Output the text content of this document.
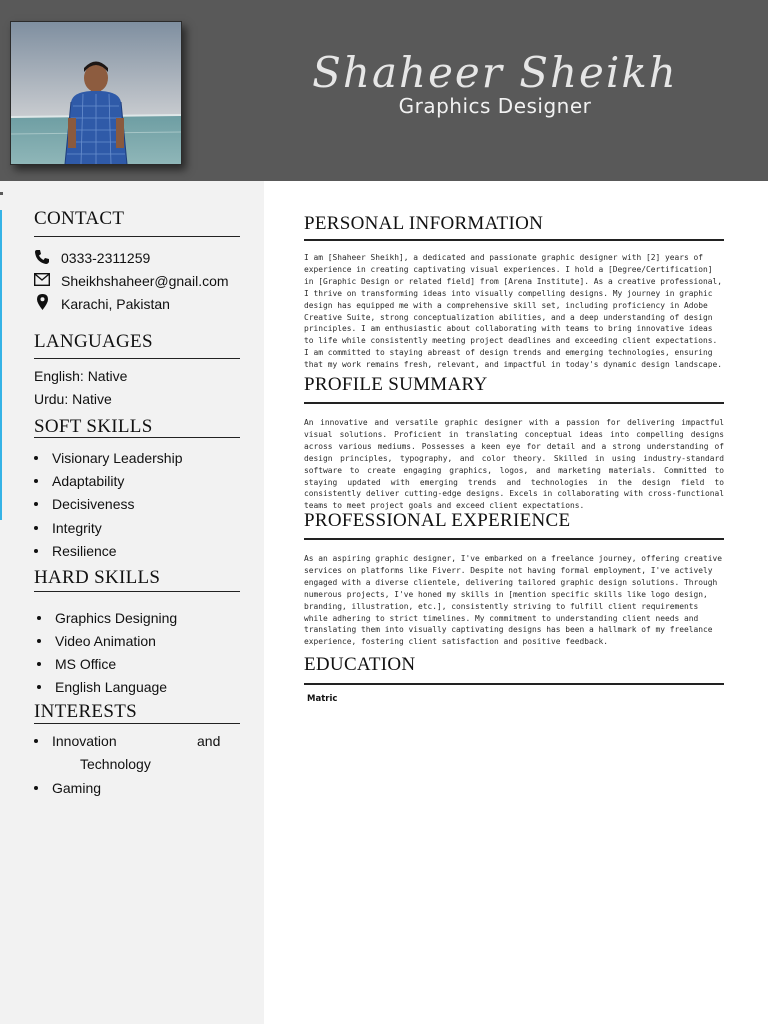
Shaheer Sheikh
Graphics Designer
CONTACT
0333-2311259
Sheikhshaheer@gnail.com
Karachi, Pakistan
LANGUAGES
English: Native
Urdu: Native
SOFT SKILLS
Visionary Leadership
Adaptability
Decisiveness
Integrity
Resilience
HARD SKILLS
Graphics Designing
Video Animation
MS Office
English Language
INTERESTS
Innovation	and
Technology
Gaming
PERSONAL INFORMATION

I am [Shaheer Sheikh], a dedicated and passionate graphic designer with [2] years of experience in creating captivating visual experiences. I hold a [Degree/Certification] in [Graphic Design or related field] from [Arena Institute]. As a creative professional, I thrive on transforming ideas into visually compelling designs. My journey in graphic design has equipped me with a comprehensive skill set, including proficiency in Adobe Creative Suite, strong conceptualization abilities, and a deep understanding of design principles. I am enthusiastic about collaborating with teams to bring innovative ideas to life while consistently meeting project deadlines and exceeding client expectations. I am committed to staying abreast of design trends and emerging technologies, ensuring that my work remains fresh, relevant, and impactful in today's dynamic design landscape.

PROFILE SUMMARY

An innovative and versatile graphic designer with a passion for delivering impactful visual solutions. Proficient in translating conceptual ideas into compelling designs across various mediums. Possesses a keen eye for detail and a strong understanding of design principles, typography, and color theory. Skilled in using industry-standard software to create engaging graphics, logos, and marketing materials. Committed to staying updated with emerging trends and technologies in the design field to consistently deliver cutting-edge designs. Excels in collaborating with cross-functional teams to meet project goals and exceed client expectations.

PROFESSIONAL EXPERIENCE

As an aspiring graphic designer, I've embarked on a freelance journey, offering creative services on platforms like Fiverr. Despite not having formal employment, I've actively engaged with a diverse clientele, delivering tailored graphic design solutions. Through numerous projects, I've honed my skills in [mention specific skills like logo design, branding, illustration, etc.], consistently striving to fulfill client requirements while adhering to strict timelines. My commitment to understanding client needs and translating them into visually captivating designs has been a hallmark of my freelance experience, fostering client satisfaction and positive feedback.

EDUCATION
Matric
